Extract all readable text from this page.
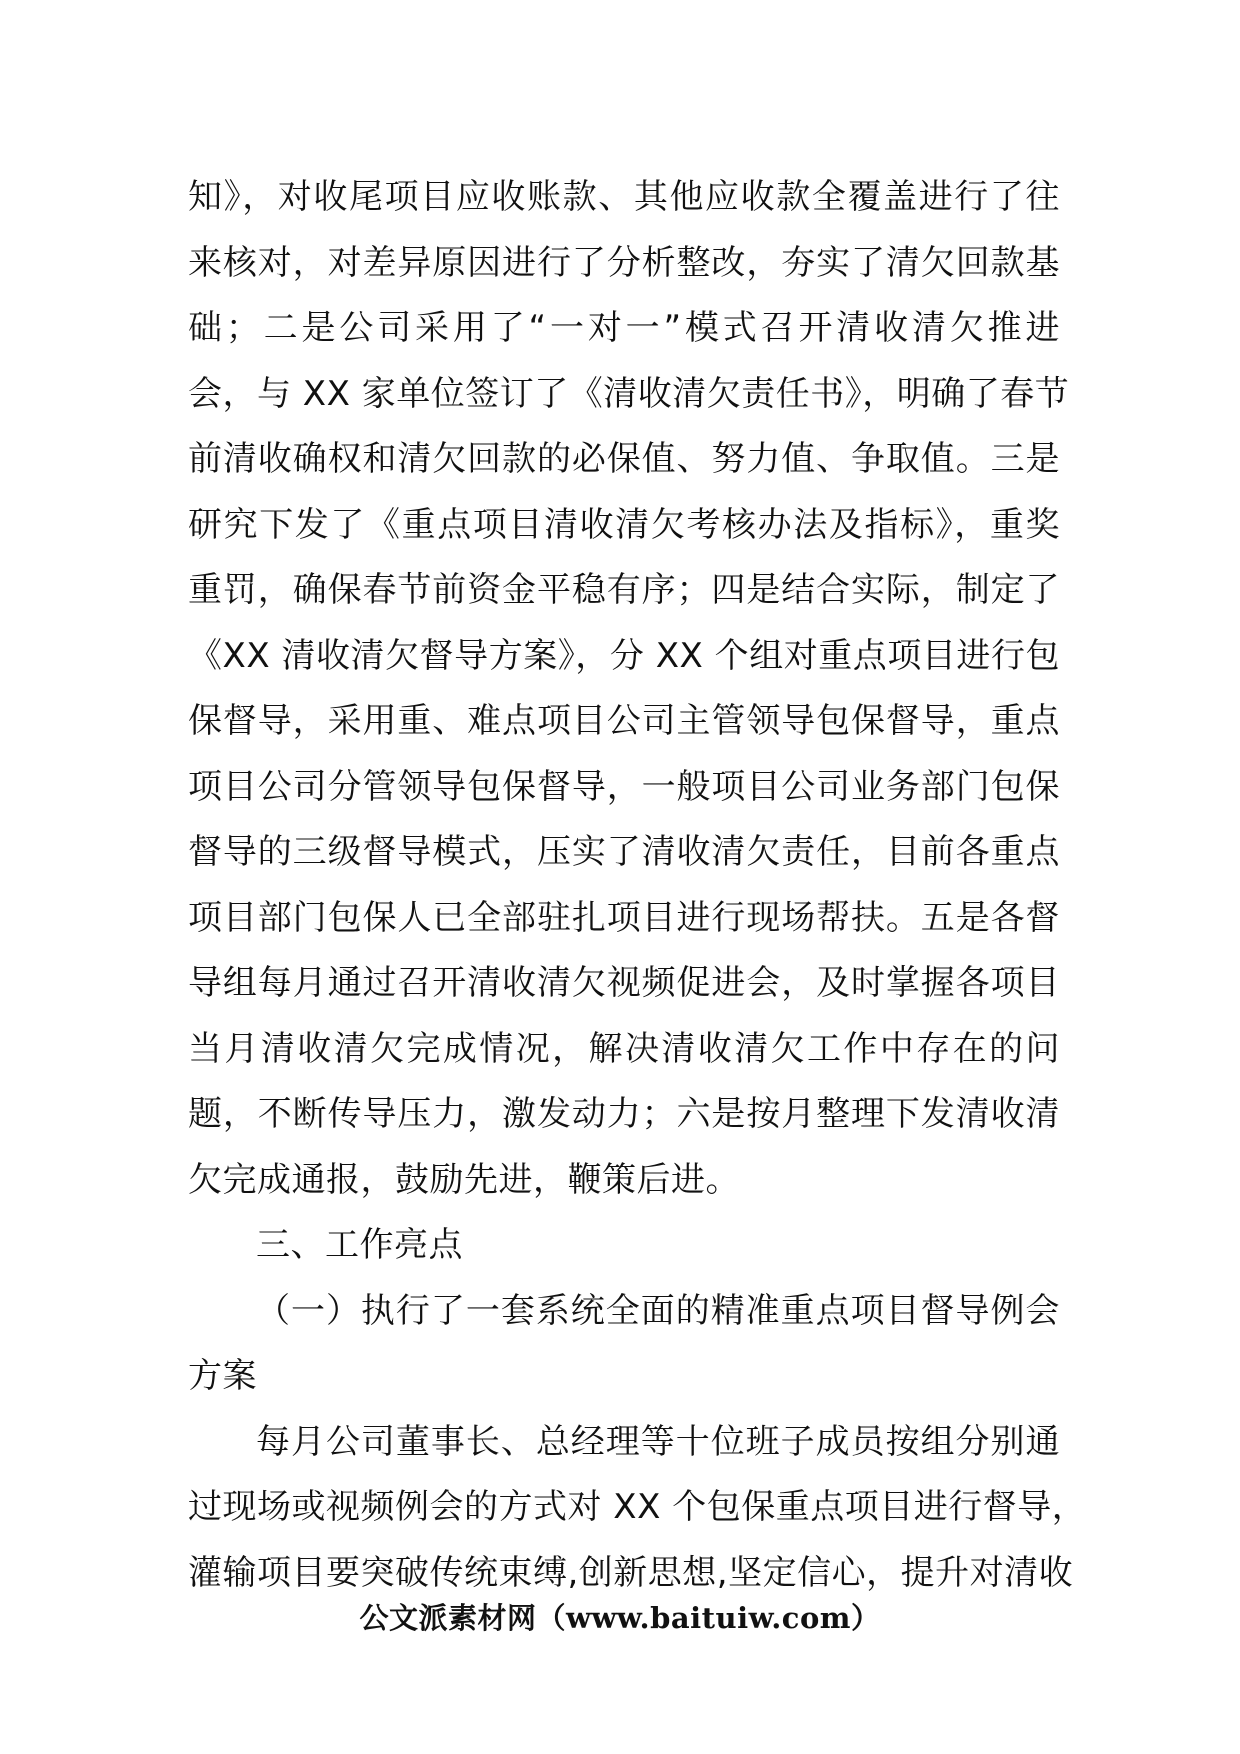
知》，对收尾项目应收账款、其他应收款全覆盖进行了往
来核对，对差异原因进行了分析整改，夯实了清欠回款基
础；二是公司采用了“一对一”模式召开清收清欠推进
会，与 XX 家单位签订了《清收清欠责任书》，明确了春节
前清收确权和清欠回款的必保值、努力值、争取值。三是
研究下发了《重点项目清收清欠考核办法及指标》，重奖
重罚，确保春节前资金平稳有序；四是结合实际，制定了
《XX 清收清欠督导方案》，分 XX 个组对重点项目进行包
保督导，采用重、难点项目公司主管领导包保督导，重点
项目公司分管领导包保督导，一般项目公司业务部门包保
督导的三级督导模式，压实了清收清欠责任，目前各重点
项目部门包保人已全部驻扎项目进行现场帮扶。五是各督
导组每月通过召开清收清欠视频促进会，及时掌握各项目
当月清收清欠完成情况，解决清收清欠工作中存在的问
题，不断传导压力，激发动力；六是按月整理下发清收清
欠完成通报，鼓励先进，鞭策后进。
三、工作亮点
（一）执行了一套系统全面的精准重点项目督导例会
方案
每月公司董事长、总经理等十位班子成员按组分别通
过现场或视频例会的方式对 XX 个包保重点项目进行督导，
灌输项目要突破传统束缚,创新思想,坚定信心，提升对清收
公文派素材网（www.baituiw.com）
